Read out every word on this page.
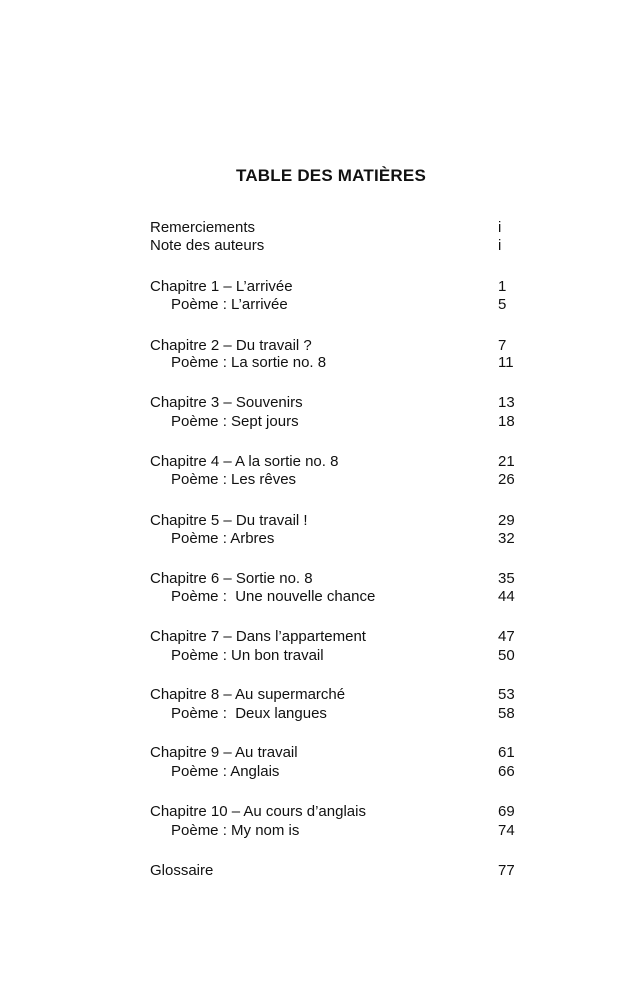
TABLE DES MATIÈRES
Remerciements	i
Note des auteurs	i
Chapitre 1 – L’arrivée	1
Poème : L’arrivée	5
Chapitre 2 – Du travail ?	7
Poème : La sortie no. 8	11
Chapitre 3 – Souvenirs	13
Poème : Sept jours	18
Chapitre 4 – A la sortie no. 8	21
Poème : Les rêves	26
Chapitre 5 – Du travail !	29
Poème : Arbres	32
Chapitre 6 – Sortie no. 8	35
Poème :  Une nouvelle chance	44
Chapitre 7 – Dans l’appartement	47
Poème : Un bon travail	50
Chapitre 8 – Au supermarché	53
Poème :  Deux langues	58
Chapitre 9 – Au travail	61
Poème : Anglais	66
Chapitre 10 – Au cours d’anglais	69
Poème : My nom is	74
Glossaire	77
